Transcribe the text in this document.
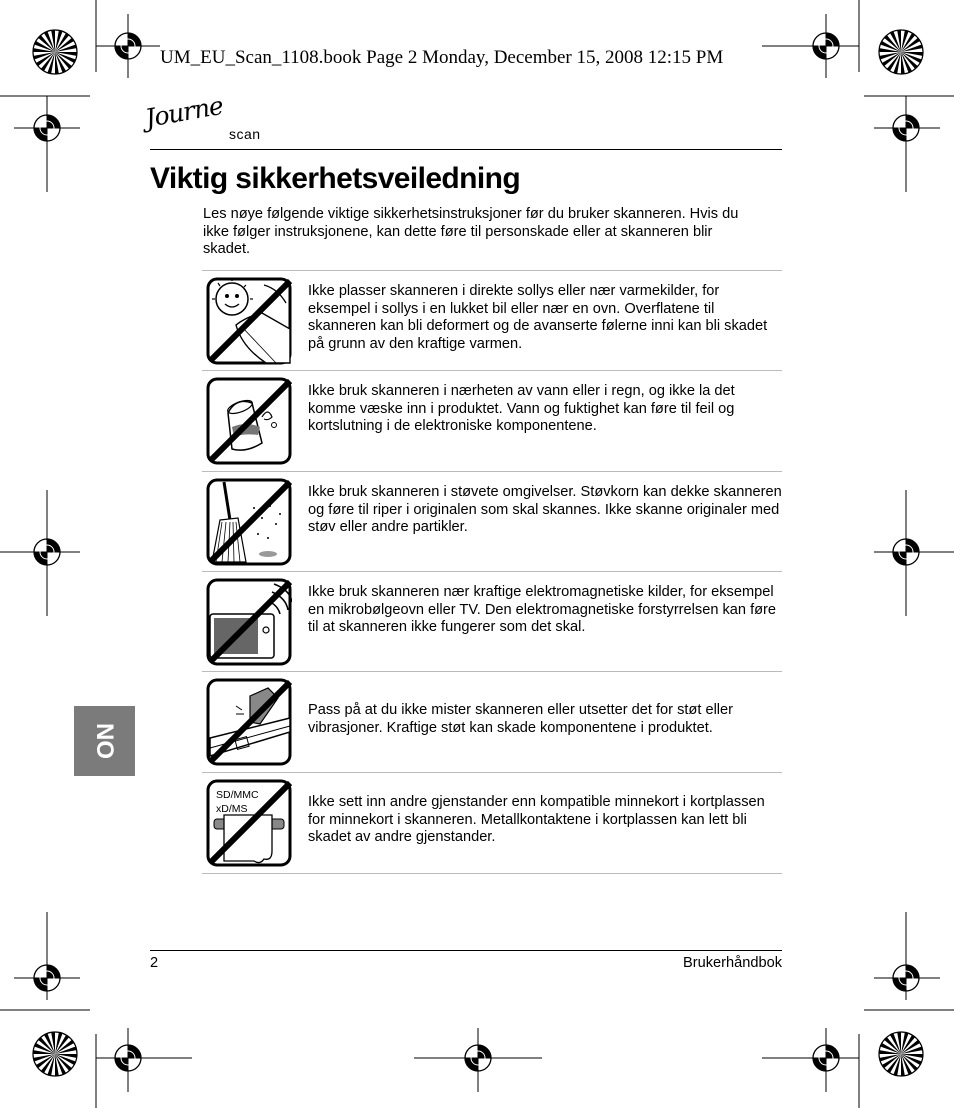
UM_EU_Scan_1108.book Page 2 Monday, December 15, 2008 12:15 PM
Journe
scan
Viktig sikkerhetsveiledning
Les nøye følgende viktige sikkerhetsinstruksjoner før du bruker skanneren. Hvis du ikke følger instruksjonene, kan dette føre til personskade eller at skanneren blir skadet.
Ikke plasser skanneren i direkte sollys eller nær varmekilder, for eksempel i sollys i en lukket bil eller nær en ovn. Overflatene til skanneren kan bli deformert og de avanserte følerne inni kan bli skadet på grunn av den kraftige varmen.
Ikke bruk skanneren i nærheten av vann eller i regn, og ikke la det komme væske inn i produktet. Vann og fuktighet kan føre til feil og kortslutning i de elektroniske komponentene.
Ikke bruk skanneren i støvete omgivelser. Støvkorn kan dekke skanneren og føre til riper i originalen som skal skannes. Ikke skanne originaler med støv eller andre partikler.
Ikke bruk skanneren nær kraftige elektromagnetiske kilder, for eksempel en mikrobølgeovn eller TV. Den elektromagnetiske forstyrrelsen kan føre til at skanneren ikke fungerer som det skal.
Pass på at du ikke mister skanneren eller utsetter det for støt eller vibrasjoner. Kraftige støt kan skade komponentene i produktet.
SD/MMC
xD/MS	Ikke sett inn andre gjenstander enn kompatible minnekort i kortplassen for minnekort i skanneren. Metallkontaktene i kortplassen kan lett bli skadet av andre gjenstander.
NO
2	Brukerhåndbok
